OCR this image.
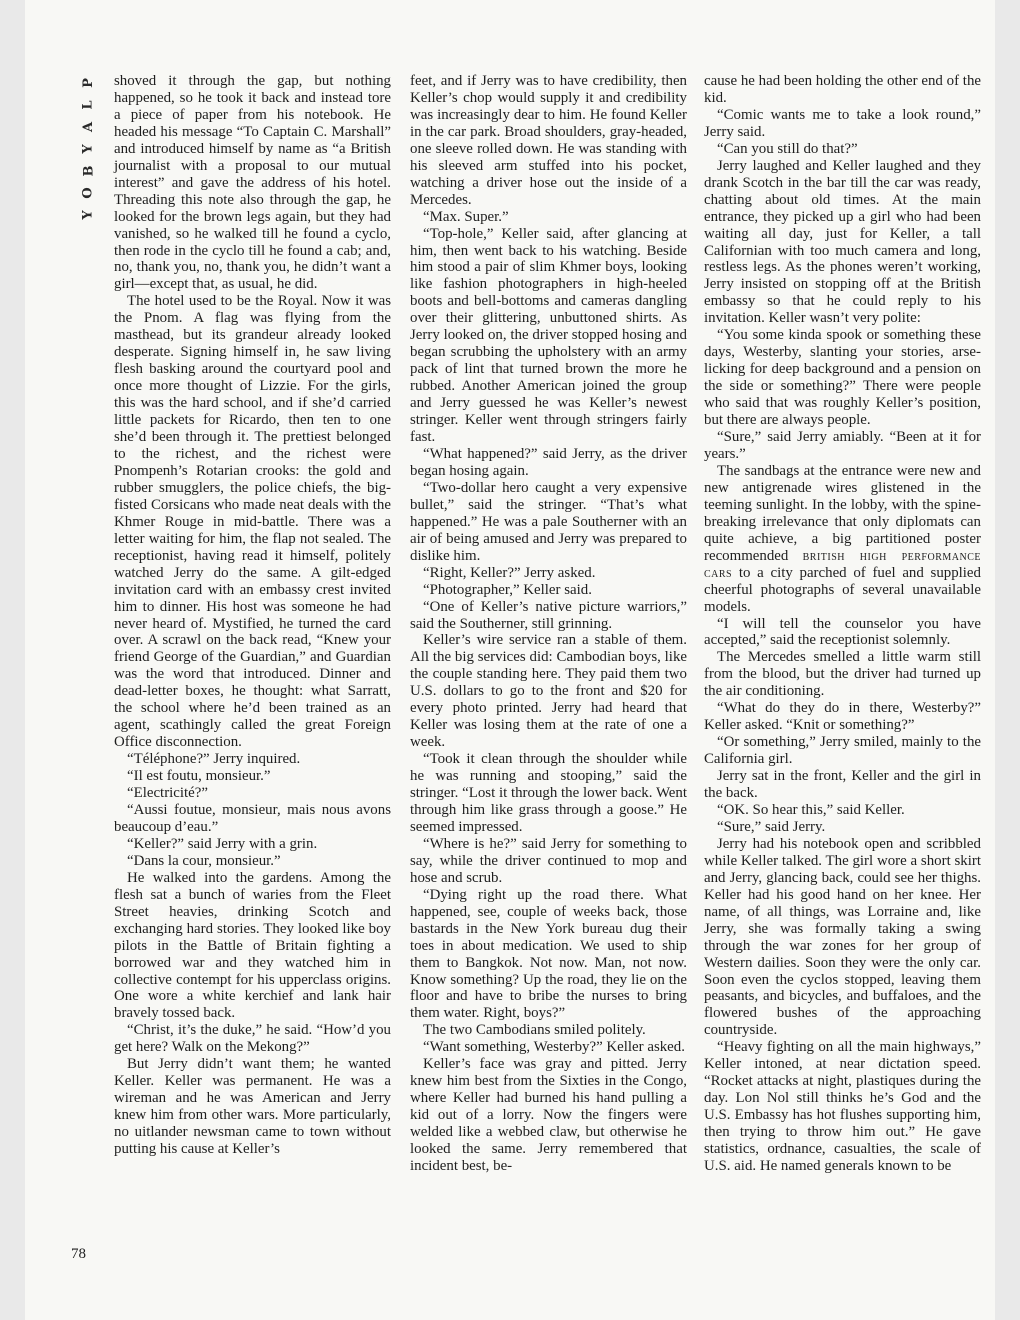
P
L
A
Y
B
O
Y
78

shoved it through the gap, but nothing happened, so he took it back and instead tore a piece of paper from his notebook. He headed his message “To Captain C. Marshall” and introduced himself by name as “a British journalist with a proposal to our mutual interest” and gave the address of his hotel. Threading this note also through the gap, he looked for the brown legs again, but they had vanished, so he walked till he found a cyclo, then rode in the cyclo till he found a cab; and, no, thank you, no, thank you, he didn’t want a girl—except that, as usual, he did.

The hotel used to be the Royal. Now it was the Pnom. A flag was flying from the masthead, but its grandeur already looked desperate. Signing himself in, he saw living flesh basking around the courtyard pool and once more thought of Lizzie. For the girls, this was the hard school, and if she’d carried little packets for Ricardo, then ten to one she’d been through it. The prettiest belonged to the richest, and the richest were Pnompenh’s Rotarian crooks: the gold and rubber smugglers, the police chiefs, the big-fisted Corsicans who made neat deals with the Khmer Rouge in mid-battle. There was a letter waiting for him, the flap not sealed. The receptionist, having read it himself, politely watched Jerry do the same. A gilt-edged invitation card with an embassy crest invited him to dinner. His host was someone he had never heard of. Mystified, he turned the card over. A scrawl on the back read, “Knew your friend George of the Guardian,” and Guardian was the word that introduced. Dinner and dead-letter boxes, he thought: what Sarratt, the school where he’d been trained as an agent, scathingly called the great Foreign Office disconnection.

“Téléphone?” Jerry inquired.

“Il est foutu, monsieur.”

“Electricité?”

“Aussi foutue, monsieur, mais nous avons beaucoup d’eau.”

“Keller?” said Jerry with a grin.

“Dans la cour, monsieur.”

He walked into the gardens. Among the flesh sat a bunch of waries from the Fleet Street heavies, drinking Scotch and exchanging hard stories. They looked like boy pilots in the Battle of Britain fighting a borrowed war and they watched him in collective contempt for his upperclass origins. One wore a white kerchief and lank hair bravely tossed back.

“Christ, it’s the duke,” he said. “How’d you get here? Walk on the Mekong?”

But Jerry didn’t want them; he wanted Keller. Keller was permanent. He was a wireman and he was American and Jerry knew him from other wars. More particularly, no uitlander newsman came to town without putting his cause at Keller’s

feet, and if Jerry was to have credibility, then Keller’s chop would supply it and credibility was increasingly dear to him. He found Keller in the car park. Broad shoulders, gray-headed, one sleeve rolled down. He was standing with his sleeved arm stuffed into his pocket, watching a driver hose out the inside of a Mercedes.

“Max. Super.”

“Top-hole,” Keller said, after glancing at him, then went back to his watching. Beside him stood a pair of slim Khmer boys, looking like fashion photographers in high-heeled boots and bell-bottoms and cameras dangling over their glittering, unbuttoned shirts. As Jerry looked on, the driver stopped hosing and began scrubbing the upholstery with an army pack of lint that turned brown the more he rubbed. Another American joined the group and Jerry guessed he was Keller’s newest stringer. Keller went through stringers fairly fast.

“What happened?” said Jerry, as the driver began hosing again.

“Two-dollar hero caught a very expensive bullet,” said the stringer. “That’s what happened.” He was a pale Southerner with an air of being amused and Jerry was prepared to dislike him.

“Right, Keller?” Jerry asked.

“Photographer,” Keller said.

“One of Keller’s native picture warriors,” said the Southerner, still grinning.

Keller’s wire service ran a stable of them. All the big services did: Cambodian boys, like the couple standing here. They paid them two U.S. dollars to go to the front and $20 for every photo printed. Jerry had heard that Keller was losing them at the rate of one a week.

“Took it clean through the shoulder while he was running and stooping,” said the stringer. “Lost it through the lower back. Went through him like grass through a goose.” He seemed impressed.

“Where is he?” said Jerry for something to say, while the driver continued to mop and hose and scrub.

“Dying right up the road there. What happened, see, couple of weeks back, those bastards in the New York bureau dug their toes in about medication. We used to ship them to Bangkok. Not now. Man, not now. Know something? Up the road, they lie on the floor and have to bribe the nurses to bring them water. Right, boys?”

The two Cambodians smiled politely.

“Want something, Westerby?” Keller asked.

Keller’s face was gray and pitted. Jerry knew him best from the Sixties in the Congo, where Keller had burned his hand pulling a kid out of a lorry. Now the fingers were welded like a webbed claw, but otherwise he looked the same. Jerry remembered that incident best, be-

cause he had been holding the other end of the kid.

“Comic wants me to take a look round,” Jerry said.

“Can you still do that?”

Jerry laughed and Keller laughed and they drank Scotch in the bar till the car was ready, chatting about old times. At the main entrance, they picked up a girl who had been waiting all day, just for Keller, a tall Californian with too much camera and long, restless legs. As the phones weren’t working, Jerry insisted on stopping off at the British embassy so that he could reply to his invitation. Keller wasn’t very polite:

“You some kinda spook or something these days, Westerby, slanting your stories, arse-licking for deep background and a pension on the side or something?” There were people who said that was roughly Keller’s position, but there are always people.

“Sure,” said Jerry amiably. “Been at it for years.”

The sandbags at the entrance were new and new antigrenade wires glistened in the teeming sunlight. In the lobby, with the spine-breaking irrelevance that only diplomats can quite achieve, a big partitioned poster recommended british high performance cars to a city parched of fuel and supplied cheerful photographs of several unavailable models.

“I will tell the counselor you have accepted,” said the receptionist solemnly.

The Mercedes smelled a little warm still from the blood, but the driver had turned up the air conditioning.

“What do they do in there, Westerby?” Keller asked. “Knit or something?”

“Or something,” Jerry smiled, mainly to the California girl.

Jerry sat in the front, Keller and the girl in the back.

“OK. So hear this,” said Keller.

“Sure,” said Jerry.

Jerry had his notebook open and scribbled while Keller talked. The girl wore a short skirt and Jerry, glancing back, could see her thighs. Keller had his good hand on her knee. Her name, of all things, was Lorraine and, like Jerry, she was formally taking a swing through the war zones for her group of Western dailies. Soon they were the only car. Soon even the cyclos stopped, leaving them peasants, and bicycles, and buffaloes, and the flowered bushes of the approaching countryside.

“Heavy fighting on all the main highways,” Keller intoned, at near dictation speed. “Rocket attacks at night, plastiques during the day. Lon Nol still thinks he’s God and the U.S. Embassy has hot flushes supporting him, then trying to throw him out.” He gave statistics, ordnance, casualties, the scale of U.S. aid. He named generals known to be
